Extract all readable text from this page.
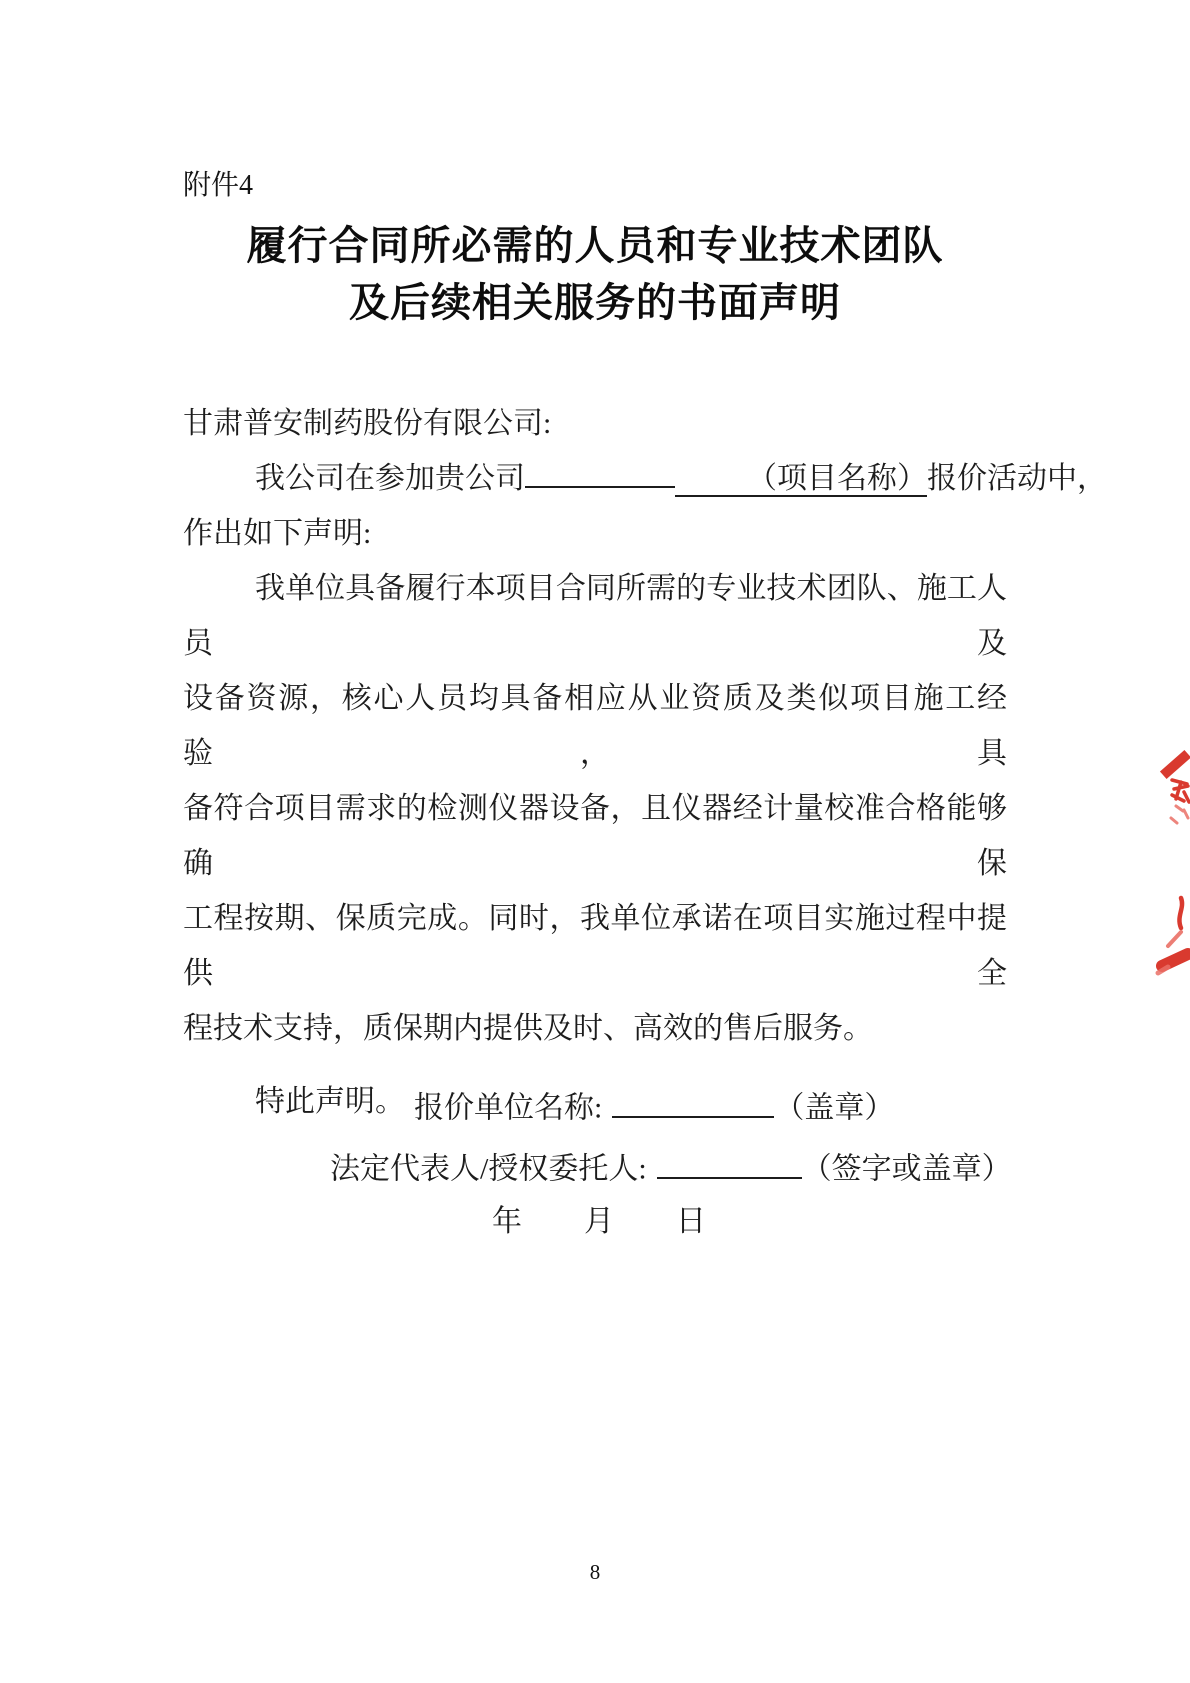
附件4
履行合同所必需的人员和专业技术团队
及后续相关服务的书面声明
甘肃普安制药股份有限公司:
我公司在参加贵公司	（项目名称）报价活动中，
作出如下声明:
我单位具备履行本项目合同所需的专业技术团队、施工人员及
设备资源，核心人员均具备相应从业资质及类似项目施工经验，具
备符合项目需求的检测仪器设备，且仪器经计量校准合格能够确保
工程按期、保质完成。同时，我单位承诺在项目实施过程中提供全
程技术支持，质保期内提供及时、高效的售后服务。
特此声明。 报价单位名称:	（盖章）
法定代表人/授权委托人:	（签字或盖章）
年 月 日
8
